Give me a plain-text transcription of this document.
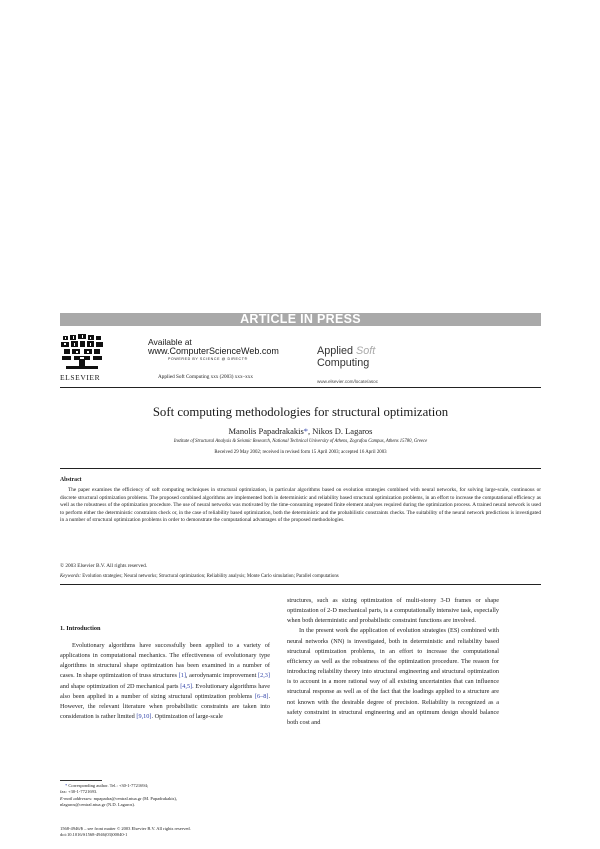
ARTICLE IN PRESS
ELSEVIER
Available at
www.ComputerScienceWeb.com
POWERED BY SCIENCE @ DIRECT®
Applied Soft Computing xxx (2003) xxx–xxx
Applied Soft
Computing
www.elsevier.com/locate/asoc
Soft computing methodologies for structural optimization
Manolis Papadrakakis*, Nikos D. Lagaros
Institute of Structural Analysis & Seismic Research, National Technical University of Athens, Zografou Campus, Athens 15780, Greece
Received 29 May 2002; received in revised form 15 April 2003; accepted 16 April 2003
Abstract

The paper examines the efficiency of soft computing techniques in structural optimization, in particular algorithms based on evolution strategies combined with neural networks, for solving large-scale, continuous or discrete structural optimization problems. The proposed combined algorithms are implemented both in deterministic and reliability based structural optimization problems, in an effort to increase the computational efficiency as well as the robustness of the optimization procedure. The use of neural networks was motivated by the time-consuming repeated finite element analyses required during the optimization process. A trained neural network is used to perform either the deterministic constraints check or, in the case of reliability based optimization, both the deterministic and the probabilistic constraints checks. The suitability of the neural network predictions is investigated in a number of structural optimization problems in order to demonstrate the computational advantages of the proposed methodologies.

© 2003 Elsevier B.V. All rights reserved.
Keywords: Evolution strategies; Neural networks; Structural optimization; Reliability analysis; Monte Carlo simulation; Parallel computations
1. Introduction

Evolutionary algorithms have successfully been applied to a variety of applications in computational mechanics. The effectiveness of evolutionary type algorithms in structural shape optimization has been examined in a number of cases. In shape optimization of truss structures [1], aerodynamic improvement [2,3] and shape optimization of 2D mechanical parts [4,5]. Evolutionary algorithms have also been applied in a number of sizing structural optimization problems [6–8]. However, the relevant literature when probabilistic constraints are taken into consideration is rather limited [9,10]. Optimization of large-scale

structures, such as sizing optimization of multi-storey 3-D frames or shape optimization of 2-D mechanical parts, is a computationally intensive task, especially when both deterministic and probabilistic constraint functions are involved.

In the present work the application of evolution strategies (ES) combined with neural networks (NN) is investigated, both in deterministic and reliability based structural optimization problems, in an effort to increase the computational efficiency as well as the robustness of the optimization procedure. The reason for introducing reliability theory into structural engineering and structural optimization is to account in a more rational way of all existing uncertainties that can influence structural response as well as of the fact that the loadings applied to a structure are not known with the desirable degree of precision. Reliability is recognized as a safety constraint in structural engineering and an optimum design should balance both cost and

* Corresponding author. Tel.: +30-1-7721694;

fax: +30-1-7721693.

E-mail addresses: mpapadra@central.ntua.gr (M. Papadrakakis),

nlagaros@central.ntua.gr (N.D. Lagaros).

1568-4946/$ – see front matter © 2003 Elsevier B.V. All rights reserved.

doi:10.1016/S1568-4946(03)00040-1
